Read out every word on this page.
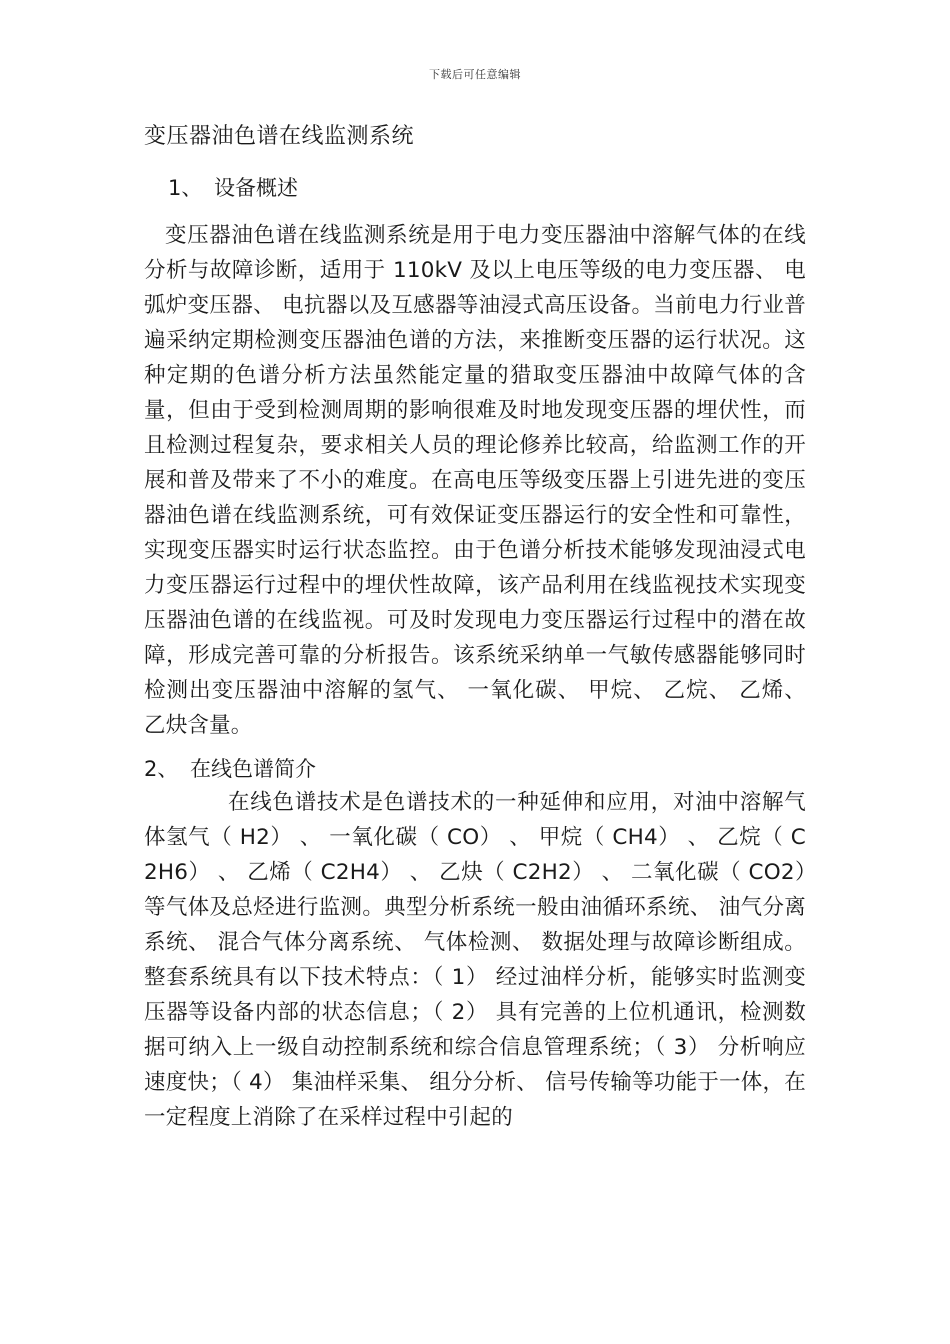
下载后可任意编辑
变压器油色谱在线监测系统
1、 设备概述

变压器油色谱在线监测系统是用于电力变压器油中溶解气体的在线分析与故障诊断，适用于 110kV 及以上电压等级的电力变压器、 电弧炉变压器、 电抗器以及互感器等油浸式高压设备。当前电力行业普遍采纳定期检测变压器油色谱的方法，来推断变压器的运行状况。这种定期的色谱分析方法虽然能定量的猎取变压器油中故障气体的含量，但由于受到检测周期的影响很难及时地发现变压器的埋伏性，而且检测过程复杂，要求相关人员的理论修养比较高，给监测工作的开展和普及带来了不小的难度。在高电压等级变压器上引进先进的变压器油色谱在线监测系统，可有效保证变压器运行的安全性和可靠性，实现变压器实时运行状态监控。由于色谱分析技术能够发现油浸式电力变压器运行过程中的埋伏性故障，该产品利用在线监视技术实现变压器油色谱的在线监视。可及时发现电力变压器运行过程中的潜在故障，形成完善可靠的分析报告。该系统采纳单一气敏传感器能够同时检测出变压器油中溶解的氢气、 一氧化碳、 甲烷、 乙烷、 乙烯、 乙炔含量。

2、 在线色谱简介

在线色谱技术是色谱技术的一种延伸和应用，对油中溶解气体氢气（ H2） 、 一氧化碳（ CO） 、 甲烷（ CH4） 、 乙烷（ C2H6） 、 乙烯（ C2H4） 、 乙炔（ C2H2） 、 二氧化碳（ CO2）等气体及总烃进行监测。典型分析系统一般由油循环系统、 油气分离系统、 混合气体分离系统、 气体检测、 数据处理与故障诊断组成。整套系统具有以下技术特点：（ 1） 经过油样分析，能够实时监测变压器等设备内部的状态信息；（ 2） 具有完善的上位机通讯，检测数据可纳入上一级自动控制系统和综合信息管理系统；（ 3） 分析响应速度快；（ 4） 集油样采集、 组分分析、 信号传输等功能于一体，在一定程度上消除了在采样过程中引起的
